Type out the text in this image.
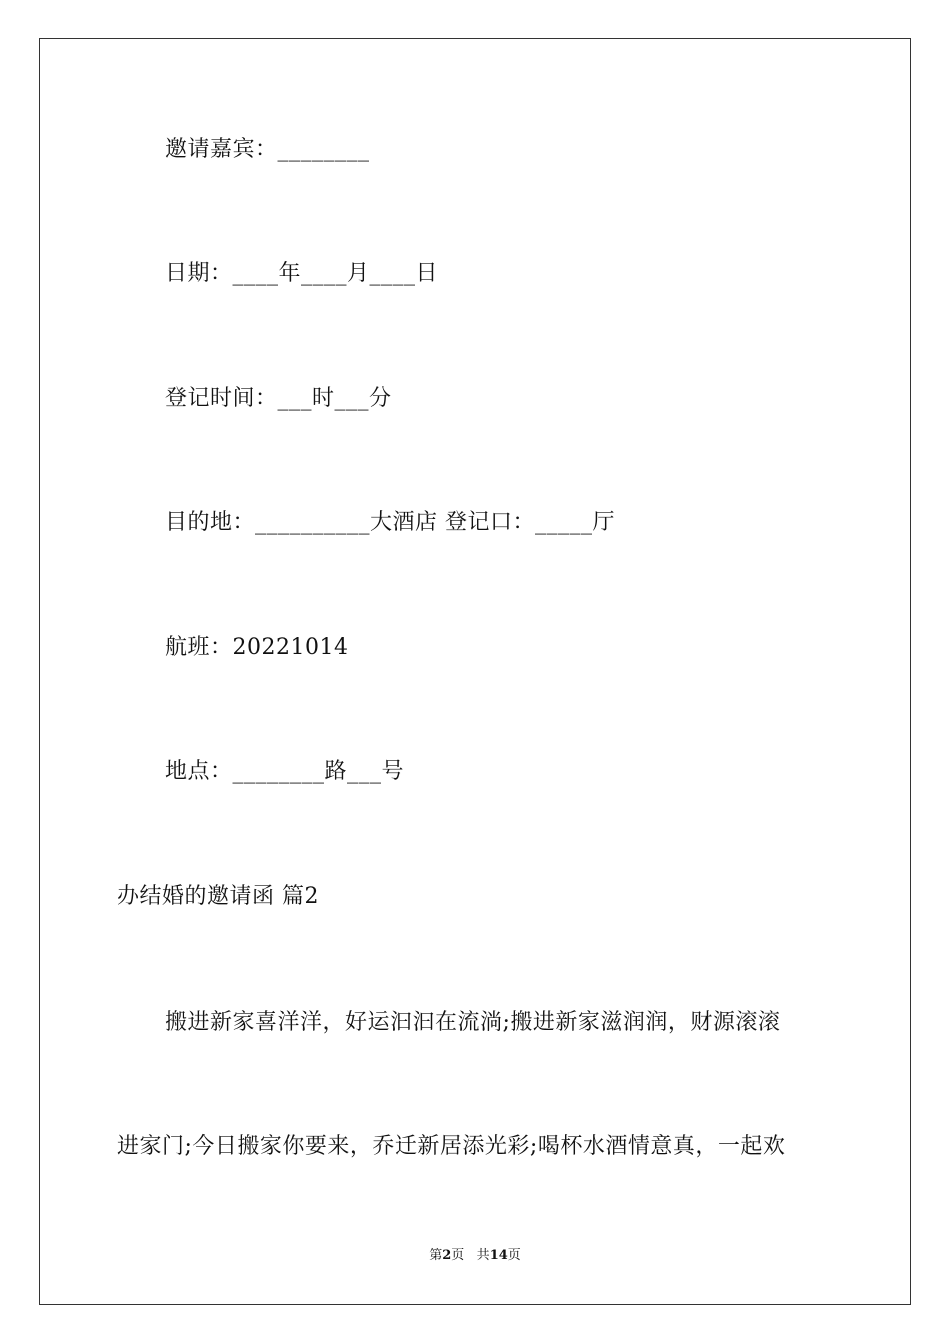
邀请嘉宾：________
日期：____年____月____日
登记时间：___时___分
目的地：__________大酒店 登记口：_____厅
航班：20221014
地点：________路___号
办结婚的邀请函 篇2
搬进新家喜洋洋，好运汩汩在流淌;搬进新家滋润润，财源滚滚
进家门;今日搬家你要来，乔迁新居添光彩;喝杯水酒情意真，一起欢
第2页 共14页
